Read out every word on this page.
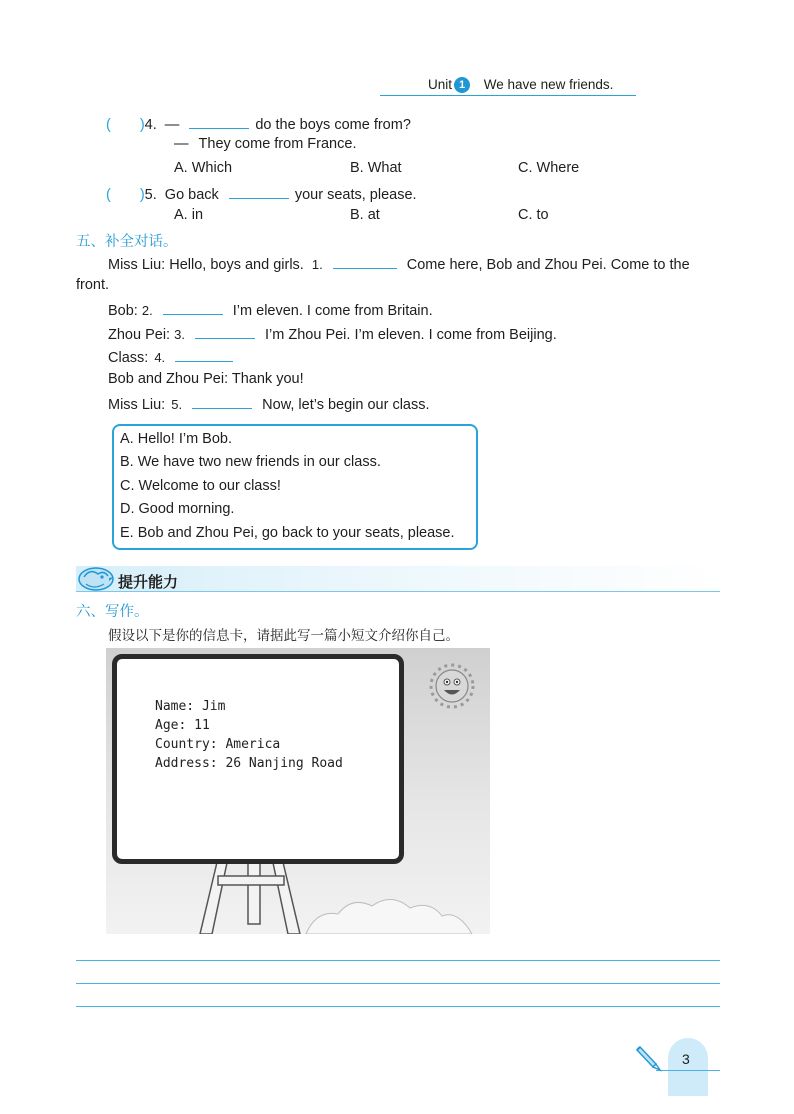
Unit 1 We have new friends.
(　　)4. —	do the boys come from?
— They come from France.
A. Which	B. What	C. Where
(　　)5. Go back	your seats, please.
A. in	B. at	C. to
五、补全对话。
Miss Liu: Hello, boys and girls. 1.	Come here, Bob and Zhou Pei. Come to the
front.
Bob: 2.	I’m eleven. I come from Britain.
Zhou Pei: 3.	I’m Zhou Pei. I’m eleven. I come from Beijing.
Class: 4.
Bob and Zhou Pei: Thank you!
Miss Liu: 5.	Now, let’s begin our class.
A. Hello! I’m Bob.
B. We have two new friends in our class.
C. Welcome to our class!
D. Good morning.
E. Bob and Zhou Pei, go back to your seats, please.
提升能力
六、写作。
假设以下是你的信息卡，请据此写一篇小短文介绍你自己。
Name: Jim
Age: 11
Country: America
Address: 26 Nanjing Road
3
